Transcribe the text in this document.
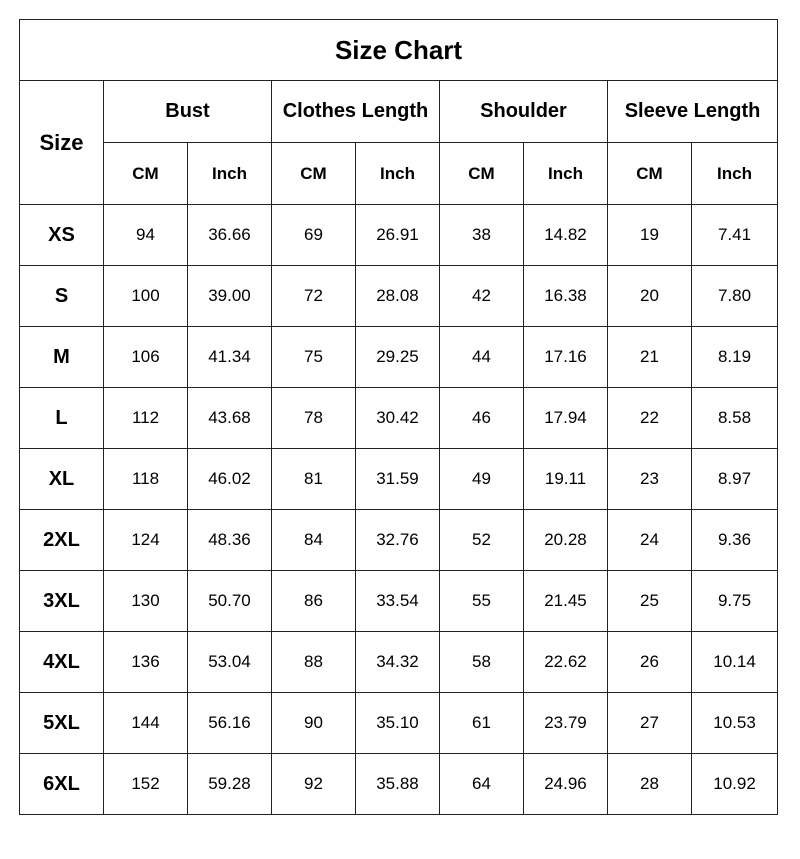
Size Chart								
Size	Bust		Clothes Length		Shoulder		Sleeve Length	
	CM	Inch	CM	Inch	CM	Inch	CM	Inch
XS	94	36.66	69	26.91	38	14.82	19	7.41
S	100	39.00	72	28.08	42	16.38	20	7.80
M	106	41.34	75	29.25	44	17.16	21	8.19
L	112	43.68	78	30.42	46	17.94	22	8.58
XL	118	46.02	81	31.59	49	19.11	23	8.97
2XL	124	48.36	84	32.76	52	20.28	24	9.36
3XL	130	50.70	86	33.54	55	21.45	25	9.75
4XL	136	53.04	88	34.32	58	22.62	26	10.14
5XL	144	56.16	90	35.10	61	23.79	27	10.53
6XL	152	59.28	92	35.88	64	24.96	28	10.92
